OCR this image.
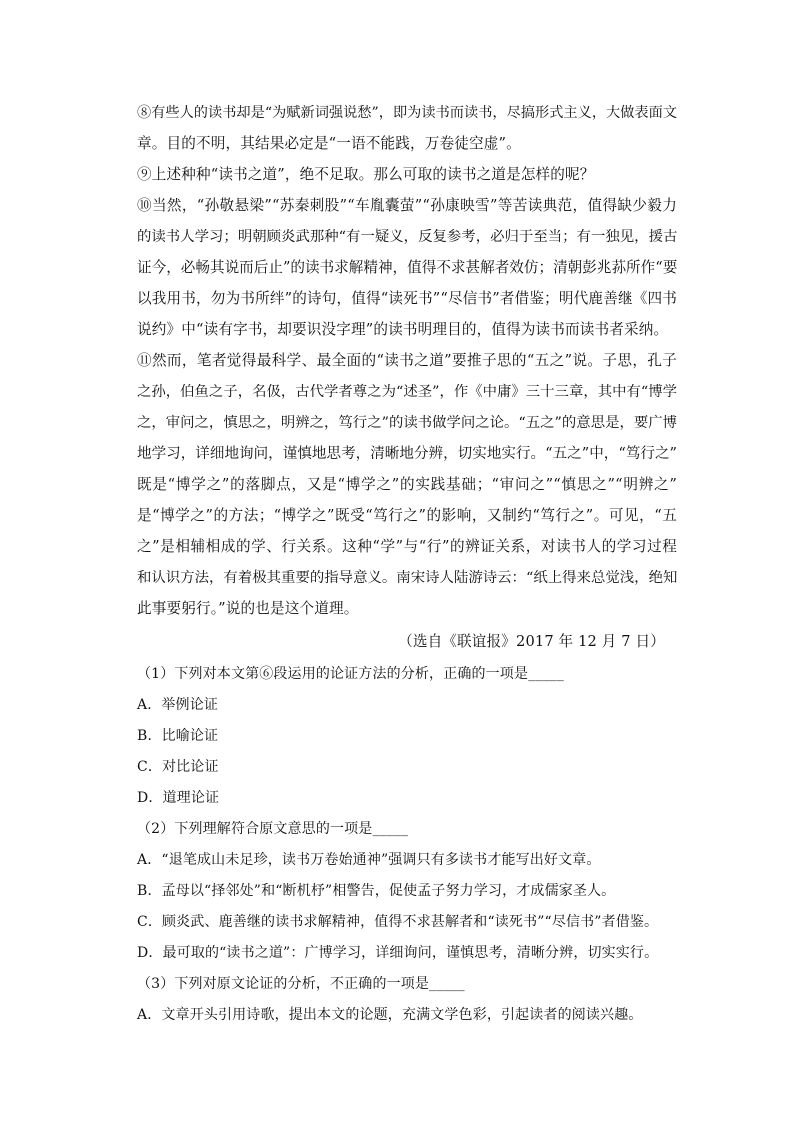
⑧有些人的读书却是“为赋新词强说愁”，即为读书而读书，尽搞形式主义，大做表面文
章。目的不明，其结果必定是“一语不能践，万卷徒空虚”。
⑨上述种种“读书之道”，绝不足取。那么可取的读书之道是怎样的呢？
⑩当然，“孙敬悬梁”“苏秦刺股”“车胤囊萤”“孙康映雪”等苦读典范，值得缺少毅力
的读书人学习；明朝顾炎武那种“有一疑义，反复参考，必归于至当；有一独见，援古
证今，必畅其说而后止”的读书求解精神，值得不求甚解者效仿；清朝彭兆荪所作“要
以我用书，勿为书所绊”的诗句，值得“读死书”“尽信书”者借鉴；明代鹿善继《四书
说约》中“读有字书，却要识没字理”的读书明理目的，值得为读书而读书者采纳。
⑪然而，笔者觉得最科学、最全面的“读书之道”要推子思的“五之”说。子思，孔子
之孙，伯鱼之子，名伋，古代学者尊之为“述圣”，作《中庸》三十三章，其中有“博学
之，审问之，慎思之，明辨之，笃行之”的读书做学问之论。“五之”的意思是，要广博
地学习，详细地询问，谨慎地思考，清晰地分辨，切实地实行。“五之”中，“笃行之”
既是“博学之”的落脚点，又是“博学之”的实践基础；“审问之”“慎思之”“明辨之”
是“博学之”的方法；“博学之”既受“笃行之”的影响，又制约“笃行之”。可见，“五
之”是相辅相成的学、行关系。这种“学”与“行”的辨证关系，对读书人的学习过程
和认识方法，有着极其重要的指导意义。南宋诗人陆游诗云：“纸上得来总觉浅，绝知
此事要躬行。”说的也是这个道理。
（选自《联谊报》2017 年 12 月 7 日）
（1）下列对本文第⑥段运用的论证方法的分析，正确的一项是_____
A．举例论证
B．比喻论证
C．对比论证
D．道理论证
（2）下列理解符合原文意思的一项是_____
A．“退笔成山未足珍，读书万卷始通神”强调只有多读书才能写出好文章。
B．孟母以“择邻处”和“断机杼”相警告，促使孟子努力学习，才成儒家圣人。
C．顾炎武、鹿善继的读书求解精神，值得不求甚解者和“读死书”“尽信书”者借鉴。
D．最可取的“读书之道”：广博学习，详细询问，谨慎思考，清晰分辨，切实实行。
（3）下列对原文论证的分析，不正确的一项是_____
A．文章开头引用诗歌，提出本文的论题，充满文学色彩，引起读者的阅读兴趣。
